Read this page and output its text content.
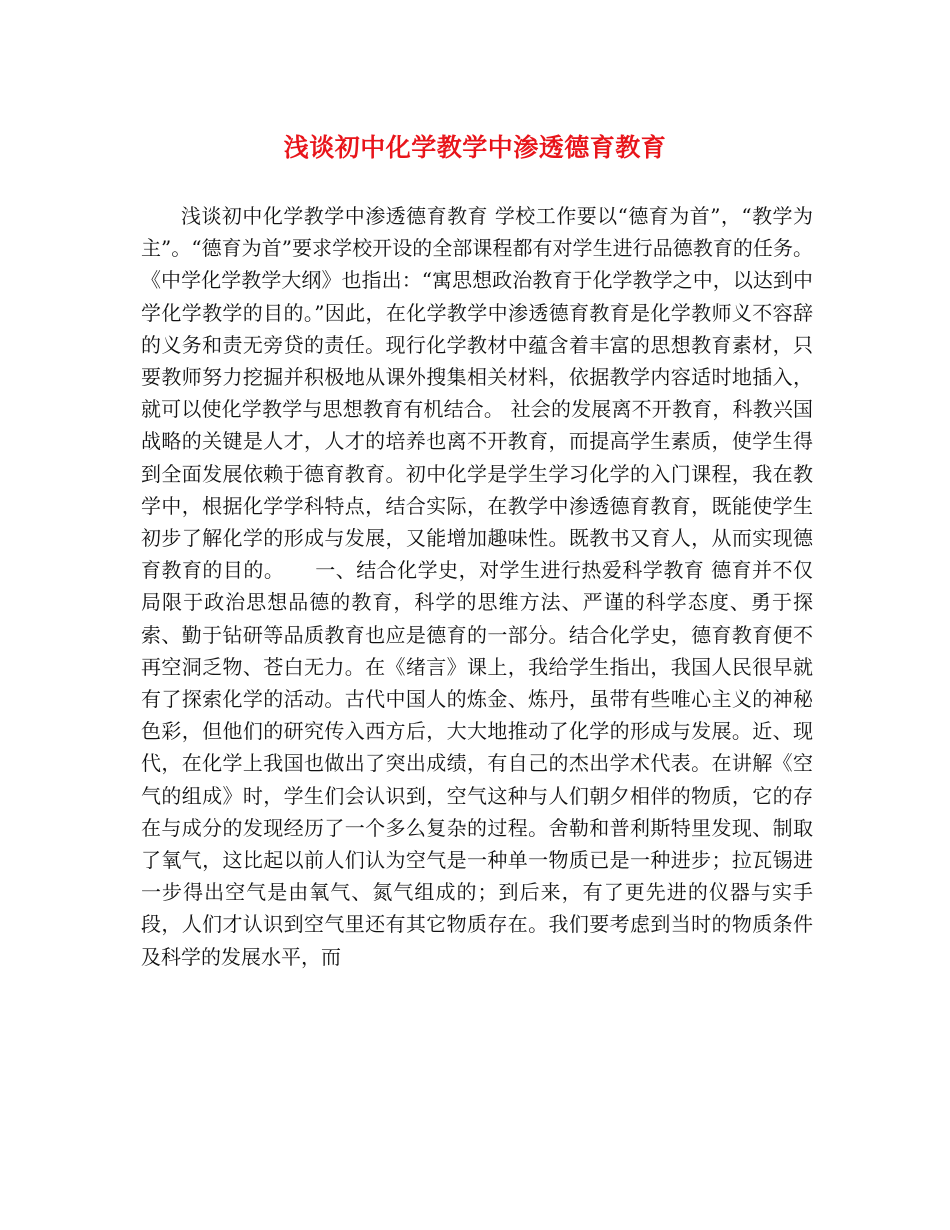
浅谈初中化学教学中渗透德育教育

浅谈初中化学教学中渗透德育教育 学校工作要以“德育为首”，“教学为主”。“德育为首”要求学校开设的全部课程都有对学生进行品德教育的任务。《中学化学教学大纲》也指出：“寓思想政治教育于化学教学之中，以达到中学化学教学的目的。”因此，在化学教学中渗透德育教育是化学教师义不容辞的义务和责无旁贷的责任。现行化学教材中蕴含着丰富的思想教育素材，只要教师努力挖掘并积极地从课外搜集相关材料，依据教学内容适时地插入，就可以使化学教学与思想教育有机结合。 社会的发展离不开教育，科教兴国战略的关键是人才，人才的培养也离不开教育，而提高学生素质，使学生得到全面发展依赖于德育教育。初中化学是学生学习化学的入门课程，我在教学中，根据化学学科特点，结合实际，在教学中渗透德育教育，既能使学生初步了解化学的形成与发展，又能增加趣味性。既教书又育人，从而实现德育教育的目的。　　一、结合化学史，对学生进行热爱科学教育 德育并不仅局限于政治思想品德的教育，科学的思维方法、严谨的科学态度、勇于探索、勤于钻研等品质教育也应是德育的一部分。结合化学史，德育教育便不再空洞乏物、苍白无力。在《绪言》课上，我给学生指出，我国人民很早就有了探索化学的活动。古代中国人的炼金、炼丹，虽带有些唯心主义的神秘色彩，但他们的研究传入西方后，大大地推动了化学的形成与发展。近、现代，在化学上我国也做出了突出成绩，有自己的杰出学术代表。在讲解《空气的组成》时，学生们会认识到，空气这种与人们朝夕相伴的物质，它的存在与成分的发现经历了一个多么复杂的过程。舍勒和普利斯特里发现、制取了氧气，这比起以前人们认为空气是一种单一物质已是一种进步；拉瓦锡进一步得出空气是由氧气、氮气组成的；到后来，有了更先进的仪器与实手段，人们才认识到空气里还有其它物质存在。我们要考虑到当时的物质条件及科学的发展水平，而
